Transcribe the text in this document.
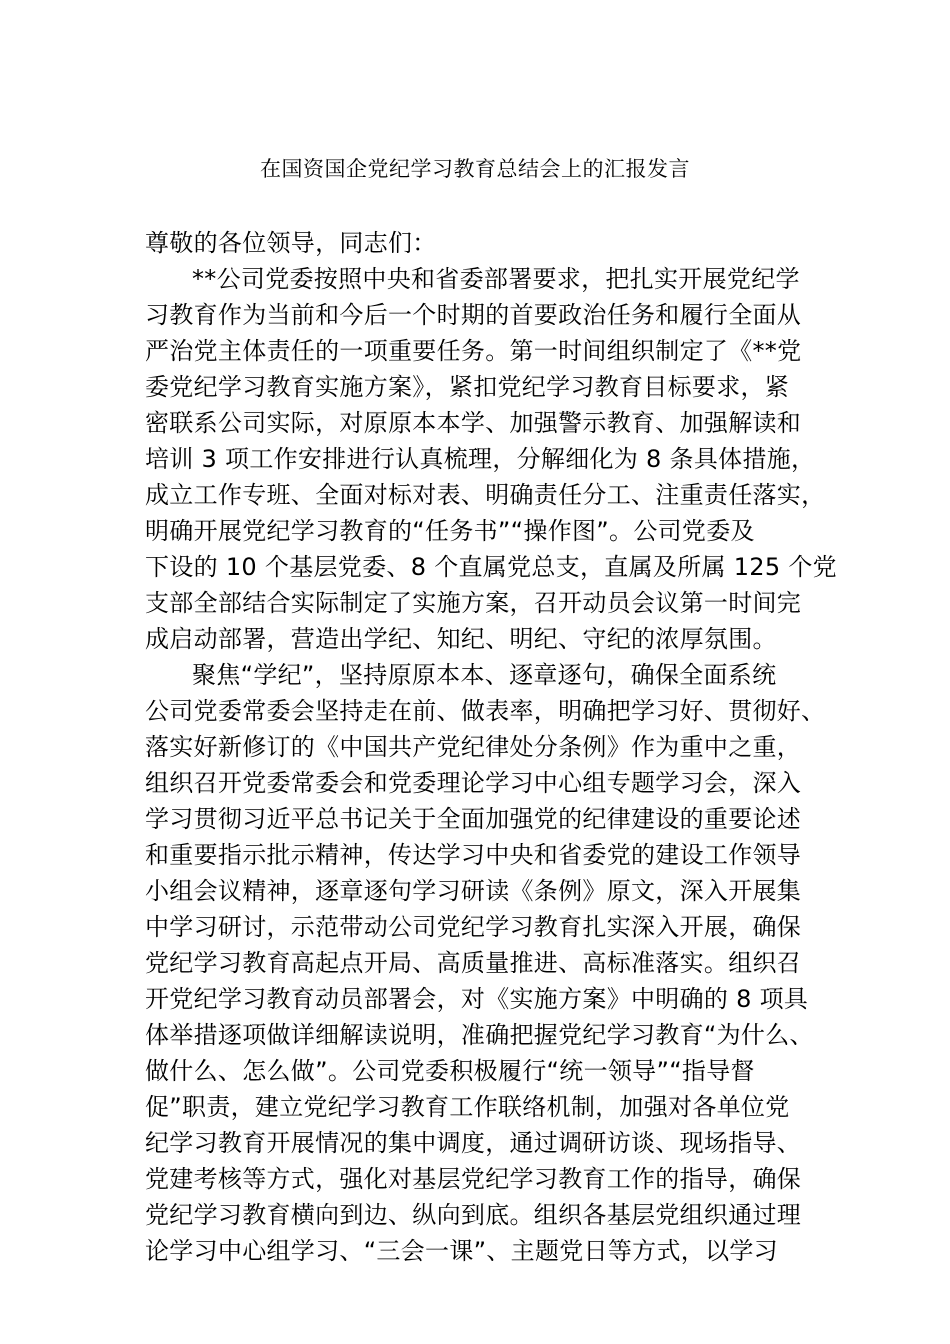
在国资国企党纪学习教育总结会上的汇报发言
尊敬的各位领导，同志们：
**公司党委按照中央和省委部署要求，把扎实开展党纪学
习教育作为当前和今后一个时期的首要政治任务和履行全面从
严治党主体责任的一项重要任务。第一时间组织制定了《**党
委党纪学习教育实施方案》，紧扣党纪学习教育目标要求，紧
密联系公司实际，对原原本本学、加强警示教育、加强解读和
培训 3 项工作安排进行认真梳理，分解细化为 8 条具体措施，
成立工作专班、全面对标对表、明确责任分工、注重责任落实，
明确开展党纪学习教育的“任务书”“操作图”。公司党委及
下设的 10 个基层党委、8 个直属党总支，直属及所属 125 个党
支部全部结合实际制定了实施方案，召开动员会议第一时间完
成启动部署，营造出学纪、知纪、明纪、守纪的浓厚氛围。
聚焦“学纪”，坚持原原本本、逐章逐句，确保全面系统
公司党委常委会坚持走在前、做表率，明确把学习好、贯彻好、
落实好新修订的《中国共产党纪律处分条例》作为重中之重，
组织召开党委常委会和党委理论学习中心组专题学习会，深入
学习贯彻习近平总书记关于全面加强党的纪律建设的重要论述
和重要指示批示精神，传达学习中央和省委党的建设工作领导
小组会议精神，逐章逐句学习研读《条例》原文，深入开展集
中学习研讨，示范带动公司党纪学习教育扎实深入开展，确保
党纪学习教育高起点开局、高质量推进、高标准落实。组织召
开党纪学习教育动员部署会，对《实施方案》中明确的 8 项具
体举措逐项做详细解读说明，准确把握党纪学习教育“为什么、
做什么、怎么做”。公司党委积极履行“统一领导”“指导督
促”职责，建立党纪学习教育工作联络机制，加强对各单位党
纪学习教育开展情况的集中调度，通过调研访谈、现场指导、
党建考核等方式，强化对基层党纪学习教育工作的指导，确保
党纪学习教育横向到边、纵向到底。组织各基层党组织通过理
论学习中心组学习、“三会一课”、主题党日等方式，以学习
